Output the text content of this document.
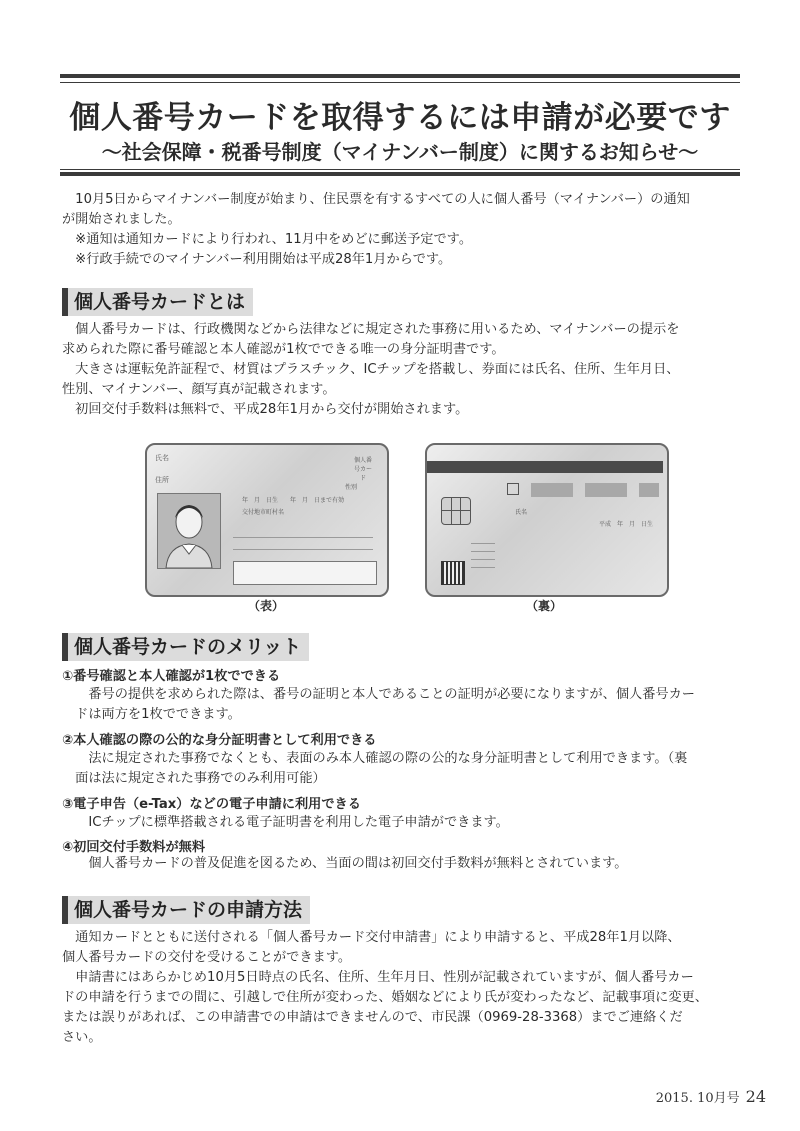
個人番号カードを取得するには申請が必要です
～社会保障・税番号制度（マイナンバー制度）に関するお知らせ～
　10月5日からマイナンバー制度が始まり、住民票を有するすべての人に個人番号（マイナンバー）の通知
が開始されました。
　※通知は通知カードにより行われ、11月中をめどに郵送予定です。
　※行政手続でのマイナンバー利用開始は平成28年1月からです。
個人番号カードとは
　個人番号カードは、行政機関などから法律などに規定された事務に用いるため、マイナンバーの提示を
求められた際に番号確認と本人確認が1枚でできる唯一の身分証明書です。
　大きさは運転免許証程で、材質はプラスチック、ICチップを搭載し、券面には氏名、住所、生年月日、
性別、マイナンバー、顔写真が記載されます。
　初回交付手数料は無料で、平成28年1月から交付が開始されます。
氏名
住所
個人番号カード
性別
年　月　日生　　年　月　日まで有効
交付地市町村名
（表）
氏名
平成　年　月　日生
（裏）
個人番号カードのメリット
①番号確認と本人確認が1枚でできる
　　番号の提供を求められた際は、番号の証明と本人であることの証明が必要になりますが、個人番号カー
　ドは両方を1枚でできます。
②本人確認の際の公的な身分証明書として利用できる
　　法に規定された事務でなくとも、表面のみ本人確認の際の公的な身分証明書として利用できます。（裏
　面は法に規定された事務でのみ利用可能）
③電子申告（e-Tax）などの電子申請に利用できる
　　ICチップに標準搭載される電子証明書を利用した電子申請ができます。
④初回交付手数料が無料
　　個人番号カードの普及促進を図るため、当面の間は初回交付手数料が無料とされています。
個人番号カードの申請方法
　通知カードとともに送付される「個人番号カード交付申請書」により申請すると、平成28年1月以降、
個人番号カードの交付を受けることができます。
　申請書にはあらかじめ10月5日時点の氏名、住所、生年月日、性別が記載されていますが、個人番号カー
ドの申請を行うまでの間に、引越しで住所が変わった、婚姻などにより氏が変わったなど、記載事項に変更、
または誤りがあれば、この申請書での申請はできませんので、市民課（0969-28-3368）までご連絡くだ
さい。
2015. 10月号 24
